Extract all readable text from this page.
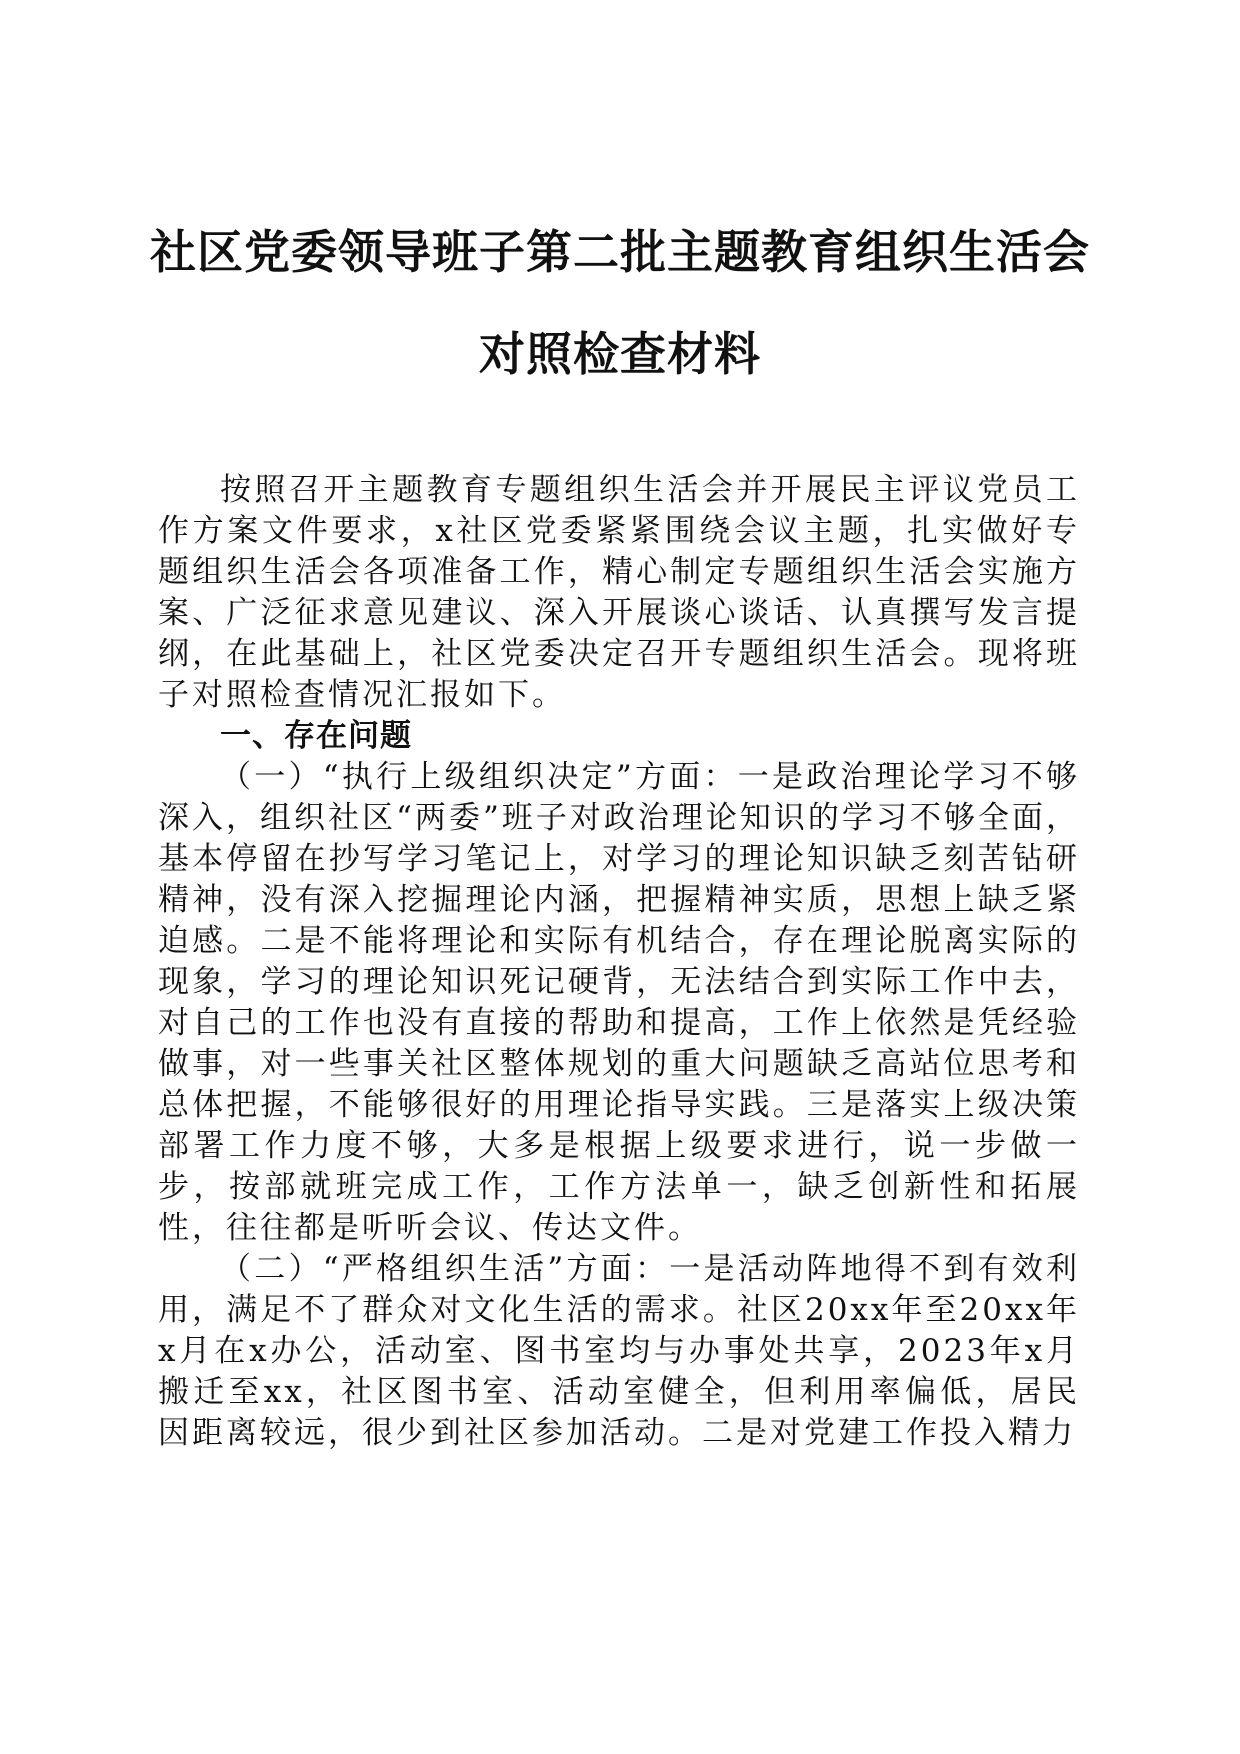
社区党委领导班子第二批主题教育组织生活会
对照检查材料

按照召开主题教育专题组织生活会并开展民主评议党员工作方案文件要求，x社区党委紧紧围绕会议主题，扎实做好专题组织生活会各项准备工作，精心制定专题组织生活会实施方案、广泛征求意见建议、深入开展谈心谈话、认真撰写发言提纲，在此基础上，社区党委决定召开专题组织生活会。现将班子对照检查情况汇报如下。

一、存在问题

（一）“执行上级组织决定”方面：一是政治理论学习不够深入，组织社区“两委”班子对政治理论知识的学习不够全面，基本停留在抄写学习笔记上，对学习的理论知识缺乏刻苦钻研精神，没有深入挖掘理论内涵，把握精神实质，思想上缺乏紧迫感。二是不能将理论和实际有机结合，存在理论脱离实际的现象，学习的理论知识死记硬背，无法结合到实际工作中去，对自己的工作也没有直接的帮助和提高，工作上依然是凭经验做事，对一些事关社区整体规划的重大问题缺乏高站位思考和总体把握，不能够很好的用理论指导实践。三是落实上级决策部署工作力度不够，大多是根据上级要求进行，说一步做一步，按部就班完成工作，工作方法单一，缺乏创新性和拓展性，往往都是听听会议、传达文件。

（二）“严格组织生活”方面：一是活动阵地得不到有效利用，满足不了群众对文化生活的需求。社区20xx年至20xx年x月在x办公，活动室、图书室均与办事处共享，2023年x月搬迁至xx，社区图书室、活动室健全，但利用率偏低，居民因距离较远，很少到社区参加活动。二是对党建工作投入精力
